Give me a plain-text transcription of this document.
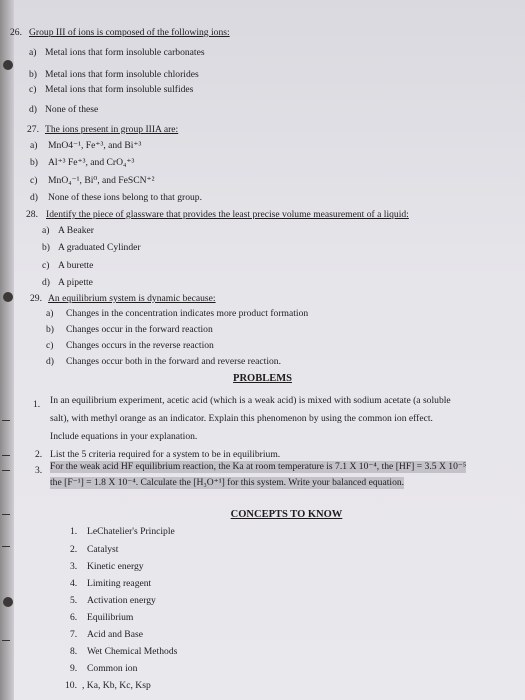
26. Group III of ions is composed of the following ions:
a) Metal ions that form insoluble carbonates
b) Metal ions that form insoluble chlorides
c) Metal ions that form insoluble sulfides
d) None of these
27. The ions present in group IIIA are:
a) MnO4⁻¹, Fe⁺³, and Bi⁺³
b) Al⁺³ Fe⁺³, and CrO₄⁺³
c) MnO₄⁻¹, Bi⁰, and FeSCN⁺²
d) None of these ions belong to that group.
28. Identify the piece of glassware that provides the least precise volume measurement of a liquid:
a) A Beaker
b) A graduated Cylinder
c) A burette
d) A pipette
29. An equilibrium system is dynamic because:
a) Changes in the concentration indicates more product formation
b) Changes occur in the forward reaction
c) Changes occurs in the reverse reaction
d) Changes occur both in the forward and reverse reaction.
PROBLEMS
1. In an equilibrium experiment, acetic acid (which is a weak acid) is mixed with sodium acetate (a soluble
salt), with methyl orange as an indicator. Explain this phenomenon by using the common ion effect.
Include equations in your explanation.
2. List the 5 criteria required for a system to be in equilibrium.
3. For the weak acid HF equilibrium reaction, the Ka at room temperature is 7.1 X 10⁻⁴, the [HF] = 3.5 X 10⁻⁵
the [F⁻¹] = 1.8 X 10⁻⁴. Calculate the [H₃O⁺¹] for this system. Write your balanced equation.
CONCEPTS TO KNOW
1. LeChatelier's Principle
2. Catalyst
3. Kinetic energy
4. Limiting reagent
5. Activation energy
6. Equilibrium
7. Acid and Base
8. Wet Chemical Methods
9. Common ion
10. , Ka, Kb, Kc, Ksp
